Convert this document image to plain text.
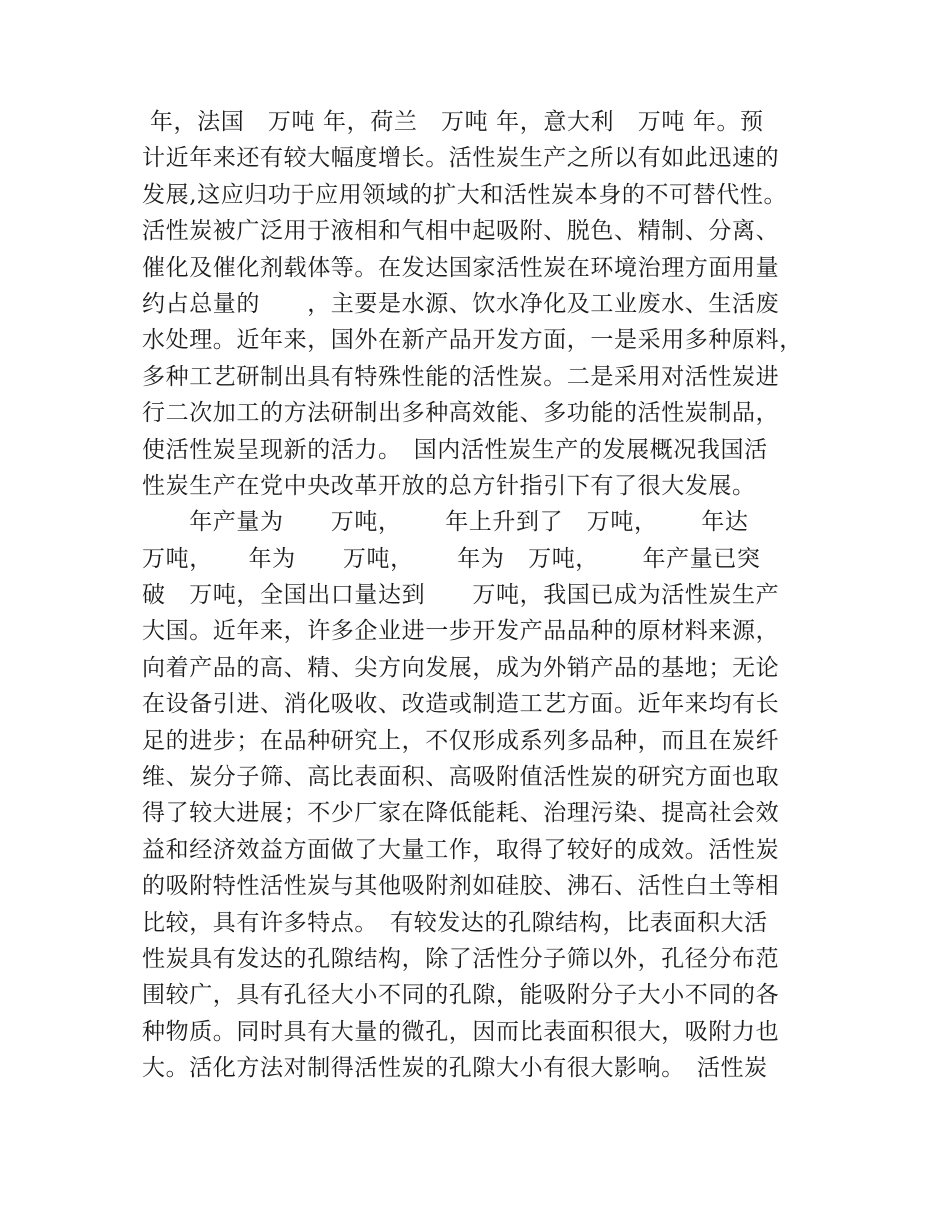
年，法国　万吨 年，荷兰　万吨 年，意大利　万吨 年。预
计近年来还有较大幅度增长。活性炭生产之所以有如此迅速的
发展,这应归功于应用领域的扩大和活性炭本身的不可替代性。
活性炭被广泛用于液相和气相中起吸附、脱色、精制、分离、
催化及催化剂载体等。在发达国家活性炭在环境治理方面用量
约占总量的　　，主要是水源、饮水净化及工业废水、生活废
水处理。近年来，国外在新产品开发方面，一是采用多种原料，
多种工艺研制出具有特殊性能的活性炭。二是采用对活性炭进
行二次加工的方法研制出多种高效能、多功能的活性炭制品，
使活性炭呈现新的活力。　国内活性炭生产的发展概况我国活
性炭生产在党中央改革开放的总方针指引下有了很大发展。
　　年产量为　　万吨，　　 年上升到了　万吨，　　 年达
万吨，　　年为　　万吨，　　 年为　万吨，　　 年产量已突
破　万吨，全国出口量达到　　万吨，我国已成为活性炭生产
大国。近年来，许多企业进一步开发产品品种的原材料来源，
向着产品的高、精、尖方向发展，成为外销产品的基地；无论
在设备引进、消化吸收、改造或制造工艺方面。近年来均有长
足的进步；在品种研究上，不仅形成系列多品种，而且在炭纤
维、炭分子筛、高比表面积、高吸附值活性炭的研究方面也取
得了较大进展；不少厂家在降低能耗、治理污染、提高社会效
益和经济效益方面做了大量工作，取得了较好的成效。活性炭
的吸附特性活性炭与其他吸附剂如硅胶、沸石、活性白土等相
比较，具有许多特点。　有较发达的孔隙结构，比表面积大活
性炭具有发达的孔隙结构，除了活性分子筛以外，孔径分布范
围较广，具有孔径大小不同的孔隙，能吸附分子大小不同的各
种物质。同时具有大量的微孔，因而比表面积很大，吸附力也
大。活化方法对制得活性炭的孔隙大小有很大影响。　活性炭
